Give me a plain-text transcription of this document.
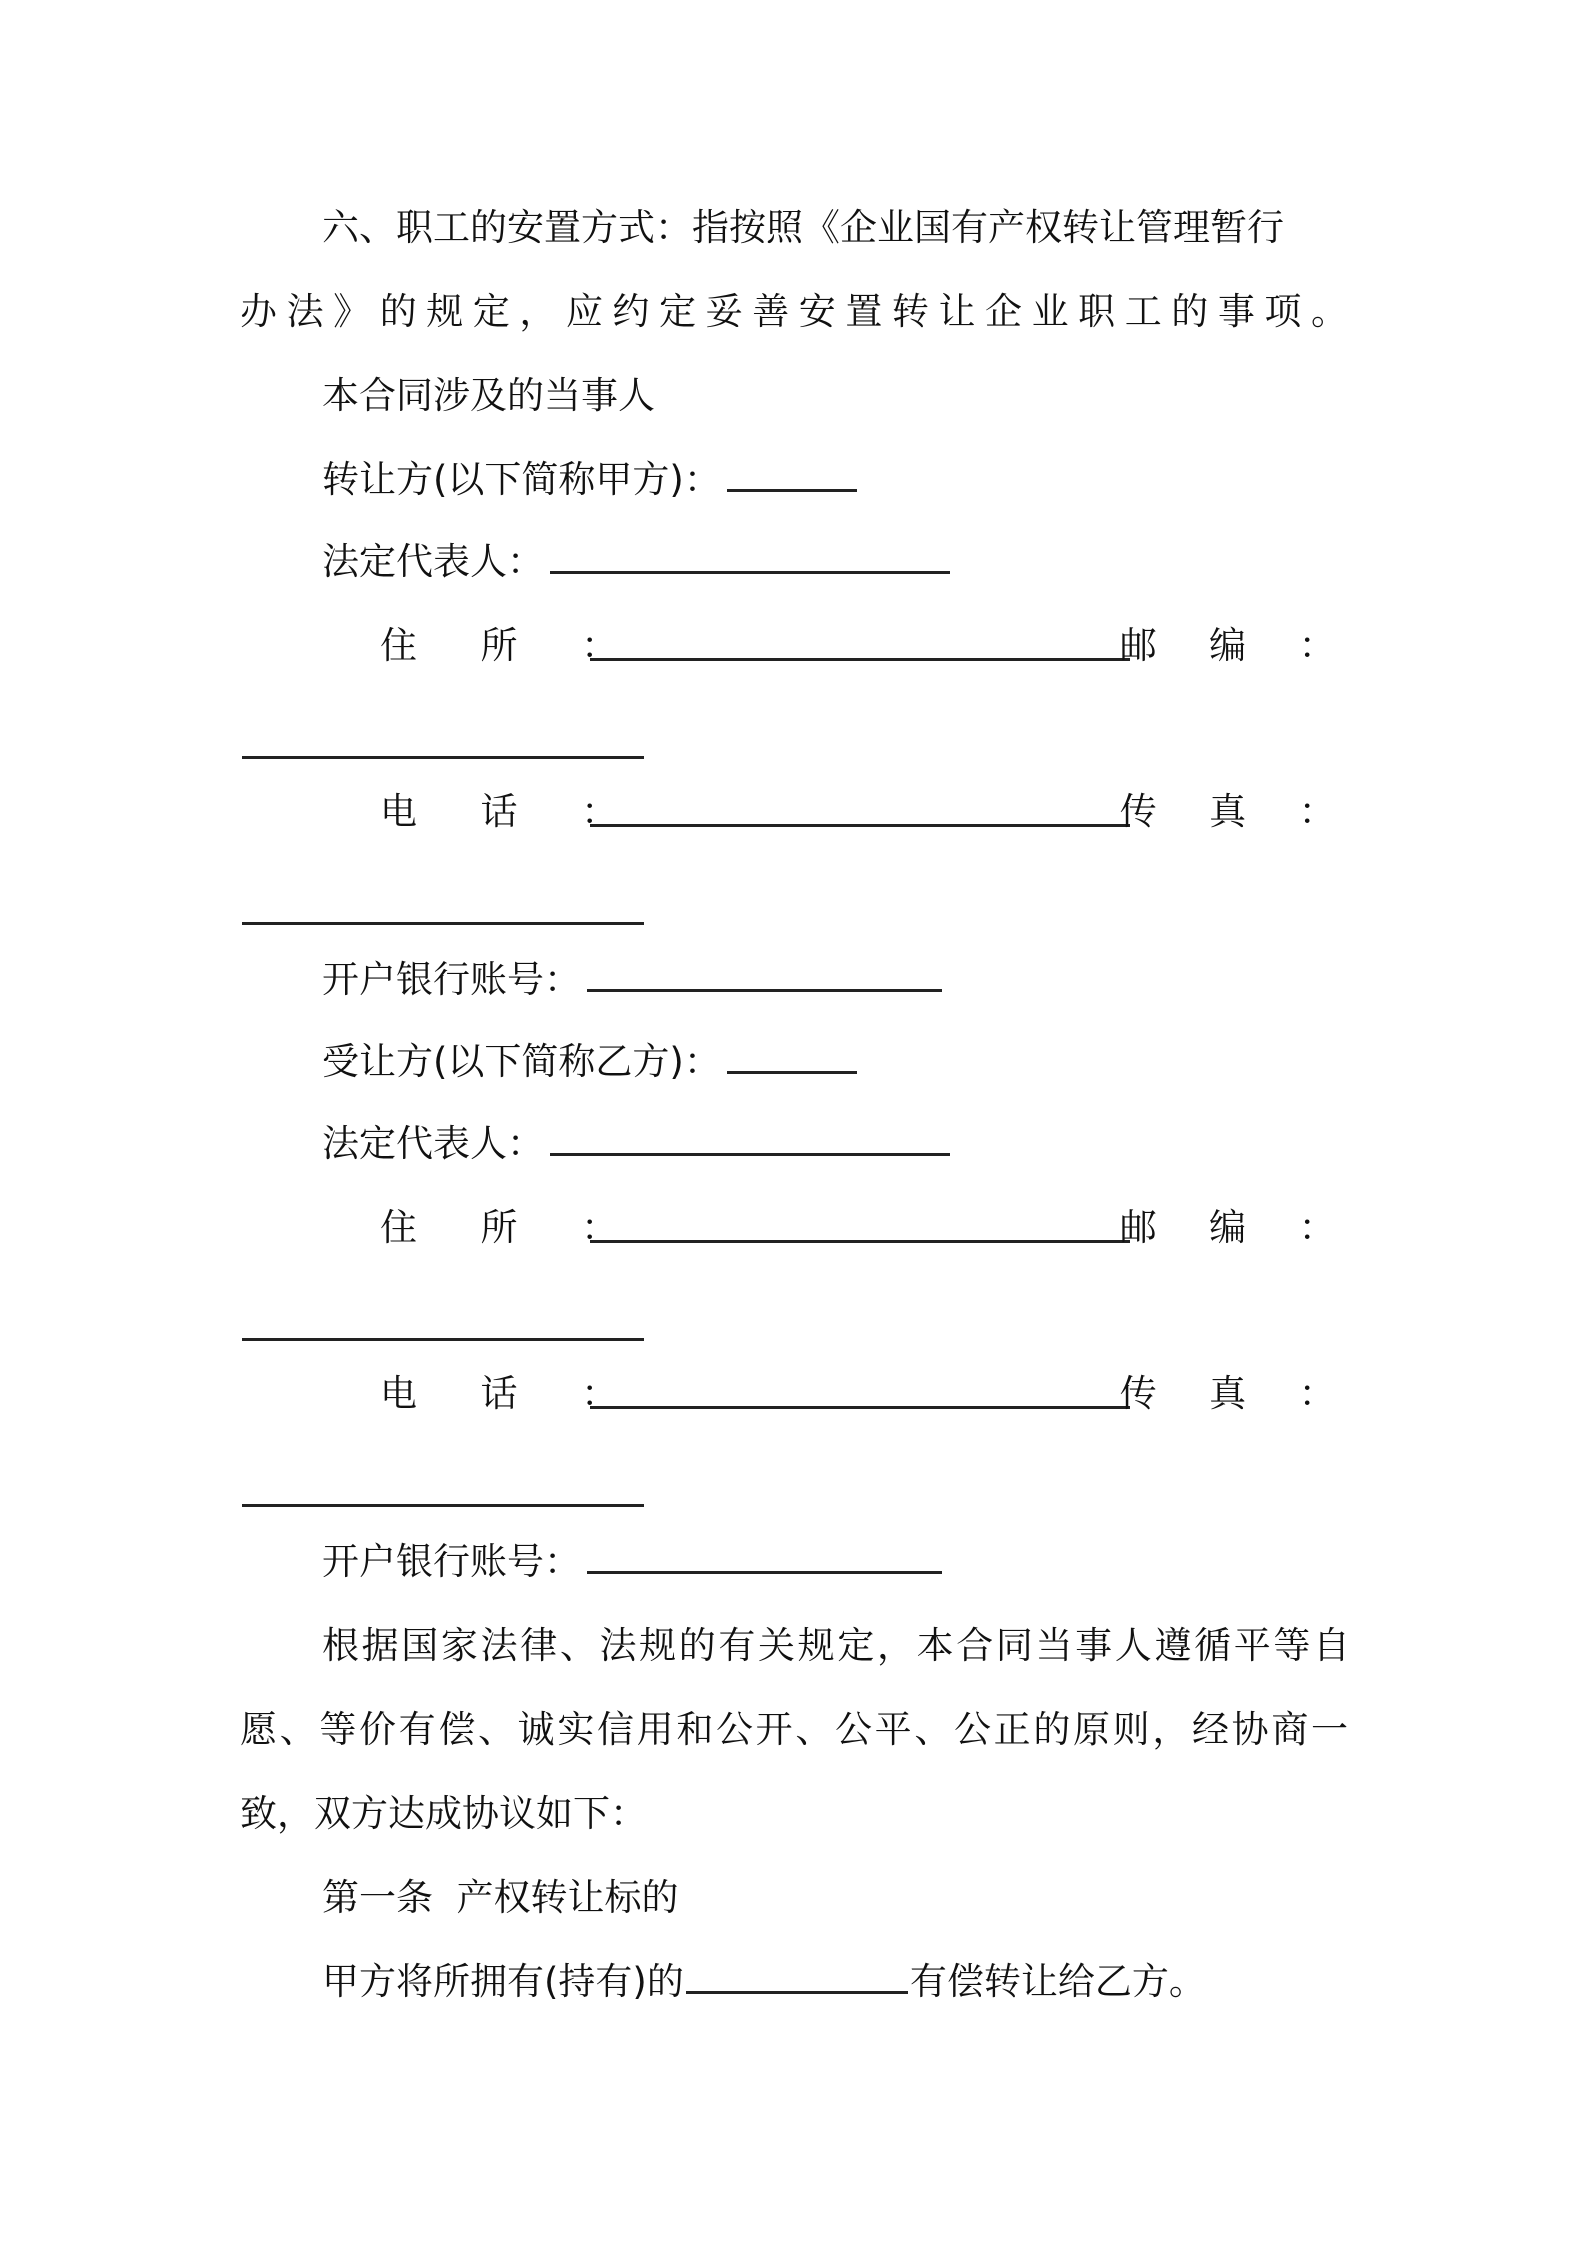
六、职工的安置方式：指按照《企业国有产权转让管理暂行
办法》的规定，应约定妥善安置转让企业职工的事项。
本合同涉及的当事人
转让方(以下简称甲方)：
法定代表人：
住 所 ：	邮 编 ：
电 话 ：	传 真 ：
开户银行账号：
受让方(以下简称乙方)：
法定代表人：
住 所 ：	邮 编 ：
电 话 ：	传 真 ：
开户银行账号：
根据国家法律、法规的有关规定，本合同当事人遵循平等自
愿、等价有偿、诚实信用和公开、公平、公正的原则，经协商一
致，双方达成协议如下：
第一条  产权转让标的
甲方将所拥有(持有)的	有偿转让给乙方。
